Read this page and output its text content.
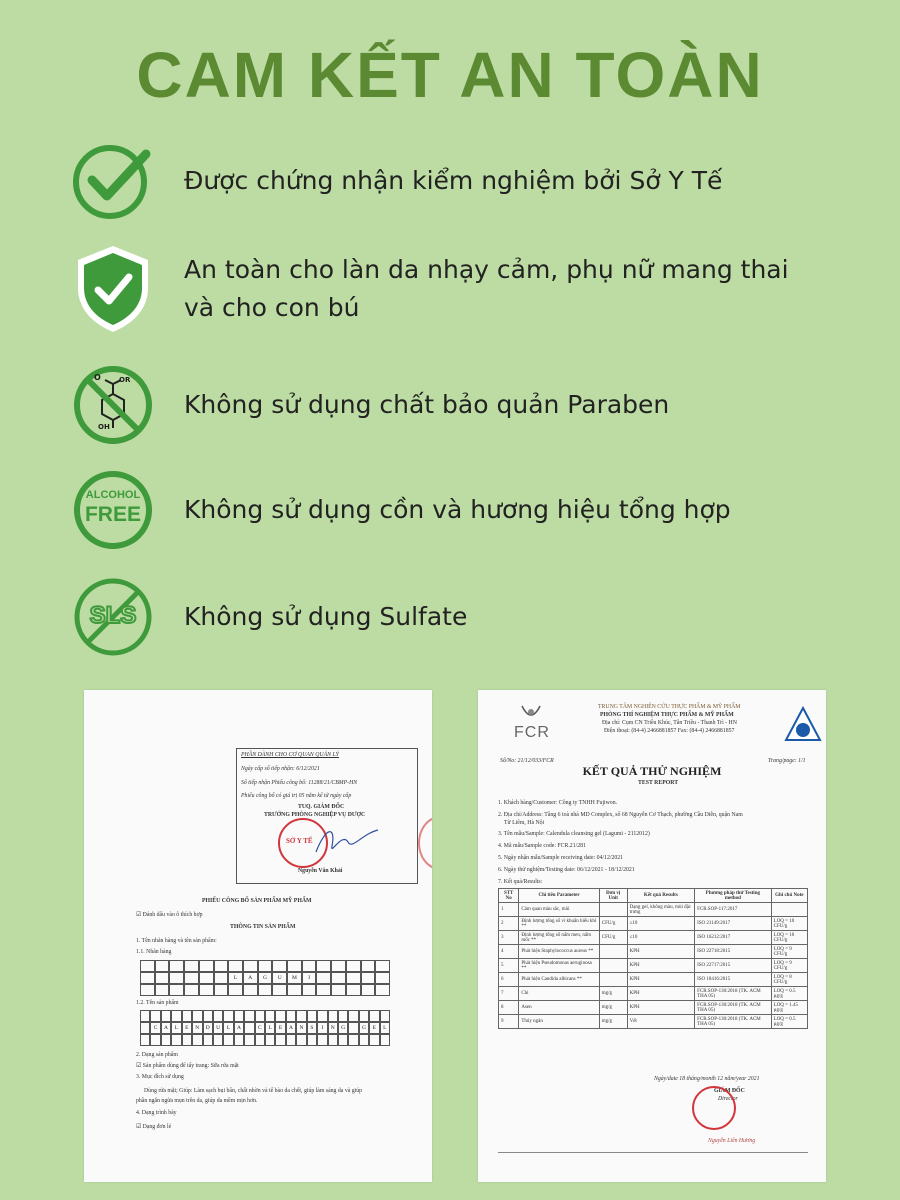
CAM KẾT AN TOÀN
Được chứng nhận kiểm nghiệm bởi Sở Y Tế
An toàn cho làn da nhạy cảm, phụ nữ mang thai
và cho con bú
O	OR
OH
Không sử dụng chất bảo quản Paraben
ALCOHOL
FREE	Không sử dụng cồn và hương hiệu tổng hợp
SLS	Không sử dụng Sulfate
PHẦN DÀNH CHO CƠ QUAN QUẢN LÝ
Ngày cấp số tiếp nhận: 6/12/2021
Số tiếp nhận Phiếu công bố: 11288/21/CBMP-HN
Phiếu công bố có giá trị 05 năm kể từ ngày cấp
TUQ. GIÁM ĐỐC
TRƯỞNG PHÒNG NGHIỆP VỤ DƯỢC
SỞ Y TẾ
Nguyễn Văn Khải
PHIẾU CÔNG BỐ SẢN PHẨM MỸ PHẨM
☑ Đánh dấu vào ô thích hợp
THÔNG TIN SẢN PHẨM
1. Tên nhãn hàng và tên sản phẩm:
1.1. Nhãn hàng
L	A	G	U	M	I
1.2. Tên sản phẩm
C	A	L	E	N	D	U	L	A	C	L	E	A	N	S	I	N	G	G	E	L
2. Dạng sản phẩm
☑ Sản phẩm dùng để tẩy trang: Sữa rửa mặt
3. Mục đích sử dụng
Dùng rửa mặt; Giúp: Làm sạch bụi bẩn, chất nhờn và tế bào da chết, giúp làm sáng da và giúp
phần ngăn ngừa mụn trên da, giúp da mềm mịn hơn.
4. Dạng trình bày
☑ Dạng đơn lẻ
FCR
TRUNG TÂM NGHIÊN CỨU THỰC PHẨM & MỸ PHẨM
PHÒNG THÍ NGHIỆM THỰC PHẨM & MỸ PHẨM
Địa chỉ: Cụm CN Triều Khúc, Tân Triều - Thanh Trì - HN
Điện thoại: (84-4) 2466881857 Fax: (84-4) 2466881857
Số/No: 21/12/033/FCR	Trang/page: 1/1
KẾT QUẢ THỬ NGHIỆM
TEST REPORT
1. Khách hàng/Customer: Công ty TNHH Fujiwon.
2. Địa chỉ/Address: Tầng 6 toà nhà MD Complex, số 68 Nguyễn Cơ Thạch, phường Cầu Diễn, quận Nam
Từ Liêm, Hà Nội
3. Tên mẫu/Sample: Calendula cleansing gel (Lagumi - 2112012)
4. Mã mẫu/Sample code: FCR.21/281
5. Ngày nhận mẫu/Sample receiving date: 04/12/2021
6. Ngày thử nghiệm/Testing date: 06/12/2021 - 18/12/2021
7. Kết quả/Results:
STT No	Chỉ tiêu Parameter	Đơn vị Unit	Kết quả Results	Phương pháp thử Testing method	Ghi chú Note
1	Cảm quan màu sắc, mùi		Dạng gel, không màu, mùi đặc trưng	FCR.SOP-117:2017	
2	Định lượng tổng số vi khuẩn hiếu khí **	CFU/g	≤10	ISO 21149:2017	LOQ = 10 CFU/g
3	Định lượng tổng số nấm men, nấm mốc **	CFU/g	≤10	ISO 16212:2017	LOQ = 10 CFU/g
4	Phát hiện Staphylococcus aureus **		KPH	ISO 22718:2015	LOQ = 9 CFU/g
5	Phát hiện Pseudomonas aeruginosa **		KPH	ISO 22717:2015	LOQ = 9 CFU/g
6	Phát hiện Candida albicans **		KPH	ISO 18416:2015	LOQ = 8 CFU/g
7	Chì	mg/g	KPH	FCR.SOP-130:2018 (TK. ACM THA 05)	LOQ = 0.5 µg/g
8	Asen	mg/g	KPH	FCR.SOP-130:2018 (TK. ACM THA 05)	LOQ = 1.45 µg/g
9	Thủy ngân	mg/g	Vết	FCR.SOP-130:2018 (TK. ACM THA 05)	LOQ = 0.5 µg/g
Ngày/date 18 tháng/month 12 năm/year 2021
GIÁM ĐỐC
Director
Nguyễn Liên Hương
